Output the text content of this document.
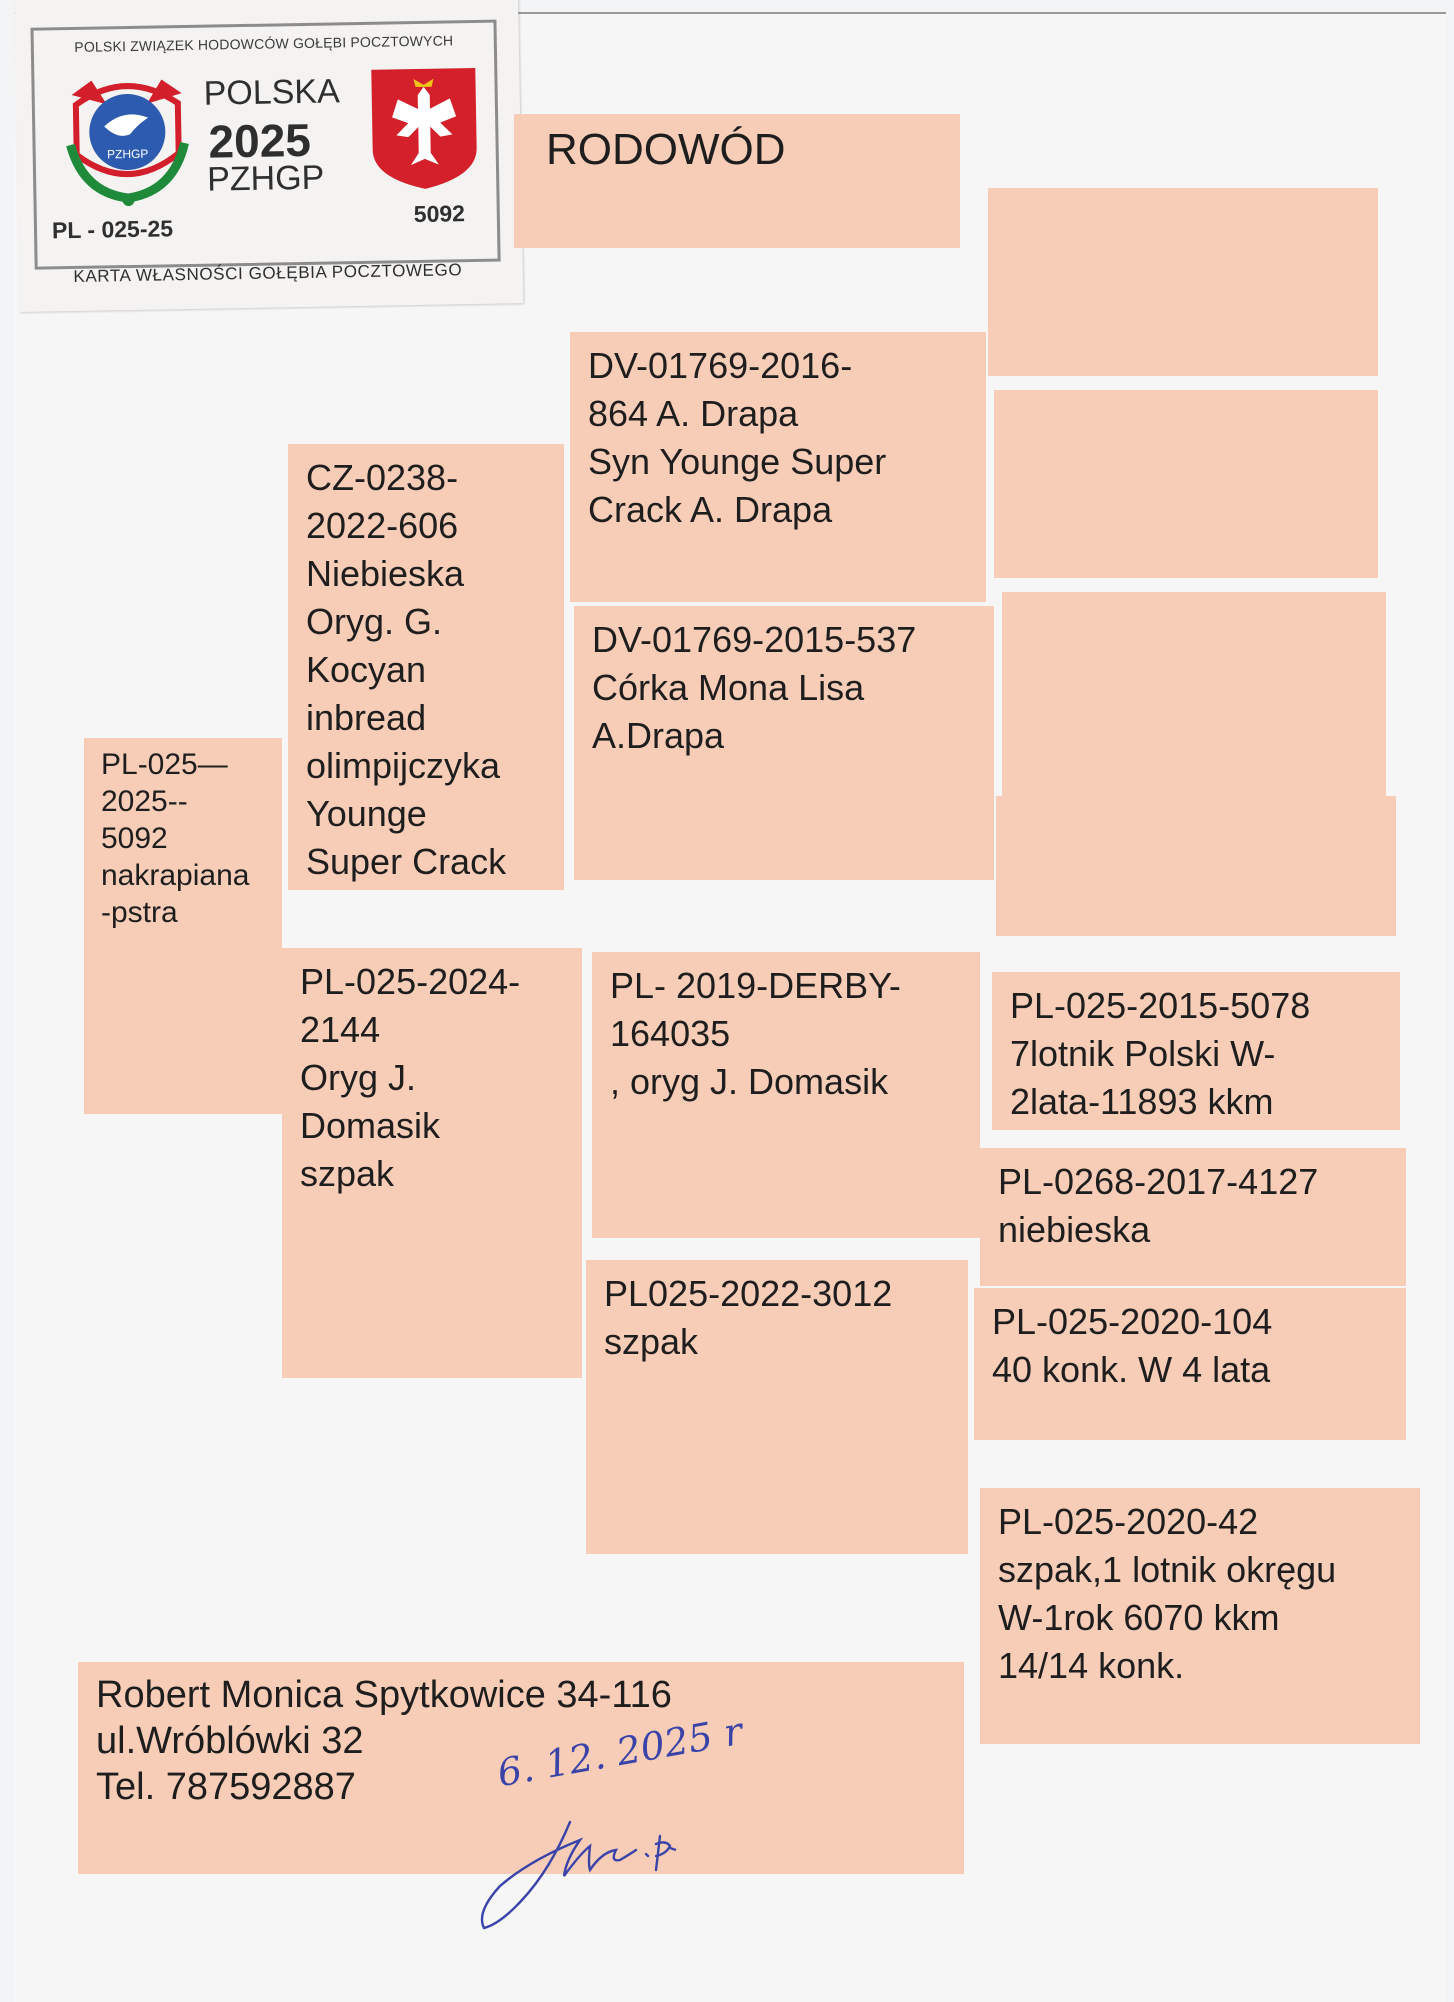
POLSKI ZWIĄZEK HODOWCÓW GOŁĘBI POCZTOWYCH
PZHGP
POLSKA
2025
PZHGP
PL - 025-25
5092
KARTA WŁASNOŚCI GOŁĘBIA POCZTOWEGO

RODOWÓD

PL-025—
2025--
5092
nakrapiana
-pstra

CZ-0238-
2022-606
Niebieska
Oryg. G.
Kocyan
inbread
olimpijczyka
Younge
Super Crack

PL-025-2024-
2144
Oryg J.
Domasik
szpak

DV-01769-2016-
864 A. Drapa
Syn Younge Super
Crack A. Drapa

DV-01769-2015-537
Córka Mona Lisa
A.Drapa

PL- 2019-DERBY-
164035
, oryg J. Domasik

PL025-2022-3012
szpak

PL-025-2015-5078
7lotnik Polski W-
2lata-11893 kkm

PL-0268-2017-4127
niebieska

PL-025-2020-104
40 konk. W 4 lata

PL-025-2020-42
szpak,1 lotnik okręgu
W-1rok 6070 kkm
14/14 konk.

Robert Monica Spytkowice 34-116
ul.Wróblówki 32
Tel. 787592887	6. 12. 2025 r
